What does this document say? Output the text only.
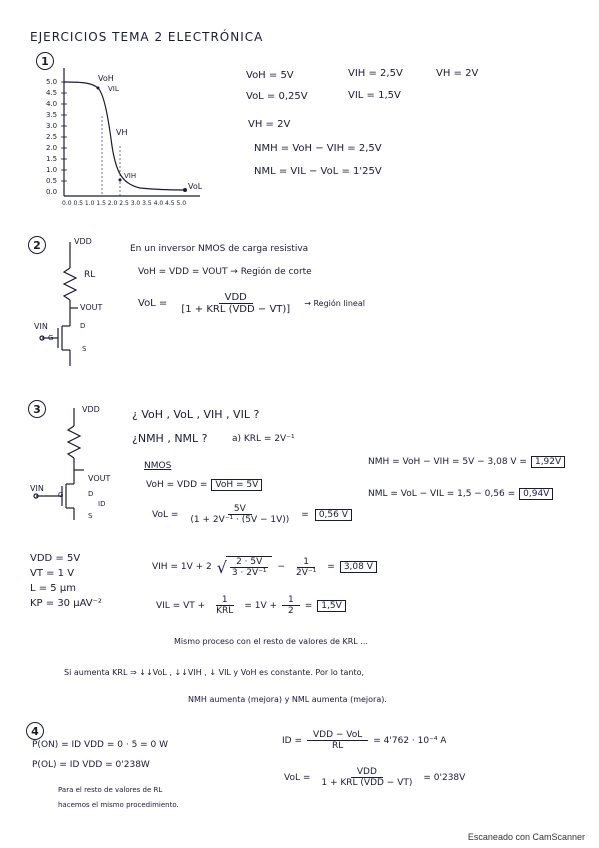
EJERCICIOS TEMA 2 ELECTRÓNICA
1
5.0
4.5
4.0
3.5
3.0
2.5
2.0
1.5
1.0
0.5
0.0
0.0 0.5 1.0 1.5 2.0 2.5 3.0 3.5 4.0 4.5 5.0
VoH
VIL
VH
VIH
VoL
VoH = 5V	VIH = 2,5V	VH = 2V
VoL = 0,25V	VIL = 1,5V
VH = 2V
NMH = VoH − VIH = 2,5V
NML = VIL − VoL = 1'25V
2	VDD
RL
VOUT
VIN
G
D
S
En un inversor NMOS de carga resistiva
VoH = VDD = VOUT → Región de corte
VoL = $\frac{\text{VDD}}{\text{[1 + KRL (VDD − VT)]}}$ → Región lineal
3	VDD
VOUT
VIN
G	D
ID
S
VDD = 5V
VT = 1 V
L = 5 μm
KP = 30 μAV⁻²
¿ VoH , VoL , VIH , VIL ?
¿NMH , NML ?	a) KRL = 2V⁻¹
NMOS
VoH = VDD = VoH = 5V
VoL = $\frac{5V}{\text{(1 + 2V⁻¹ · (5V − 1V))}}$ =	0,56 V
VIH = 1V + 2 √ $\frac{2 \cdot 5V}{\text{3 · 2V⁻¹}} - \frac{1}{\text{2V⁻¹}}$ =	3,08 V
VIL = VT + $\frac{1}{\text{KRL}} = 1V + \frac{1}{2}$ =	1,5V
NMH = VoH − VIH = 5V − 3,08 V = 1,92V
NML = VoL − VIL = 1,5 − 0,56 = 0,94V
Mismo proceso con el resto de valores de KRL ...
Si aumenta KRL ⇒ ↓↓VoL , ↓↓VIH , ↓ VIL y VoH es constante. Por lo tanto,
NMH aumenta (mejora) y NML aumenta (mejora).
4
P(ON) = ID VDD = 0 · 5 = 0 W
P(OL) = ID VDD = 0'238W
ID = $\frac{\text{VDD − VoL}}{RL} = 4'762 \cdot 10^{-4}$ A
VoL = $\frac{\text{VDD}}{\text{1 + KRL (VDD − VT)}} = 0'238V$
Para el resto de valores de RL
hacemos el mismo procedimiento.
Escaneado con CamScanner
